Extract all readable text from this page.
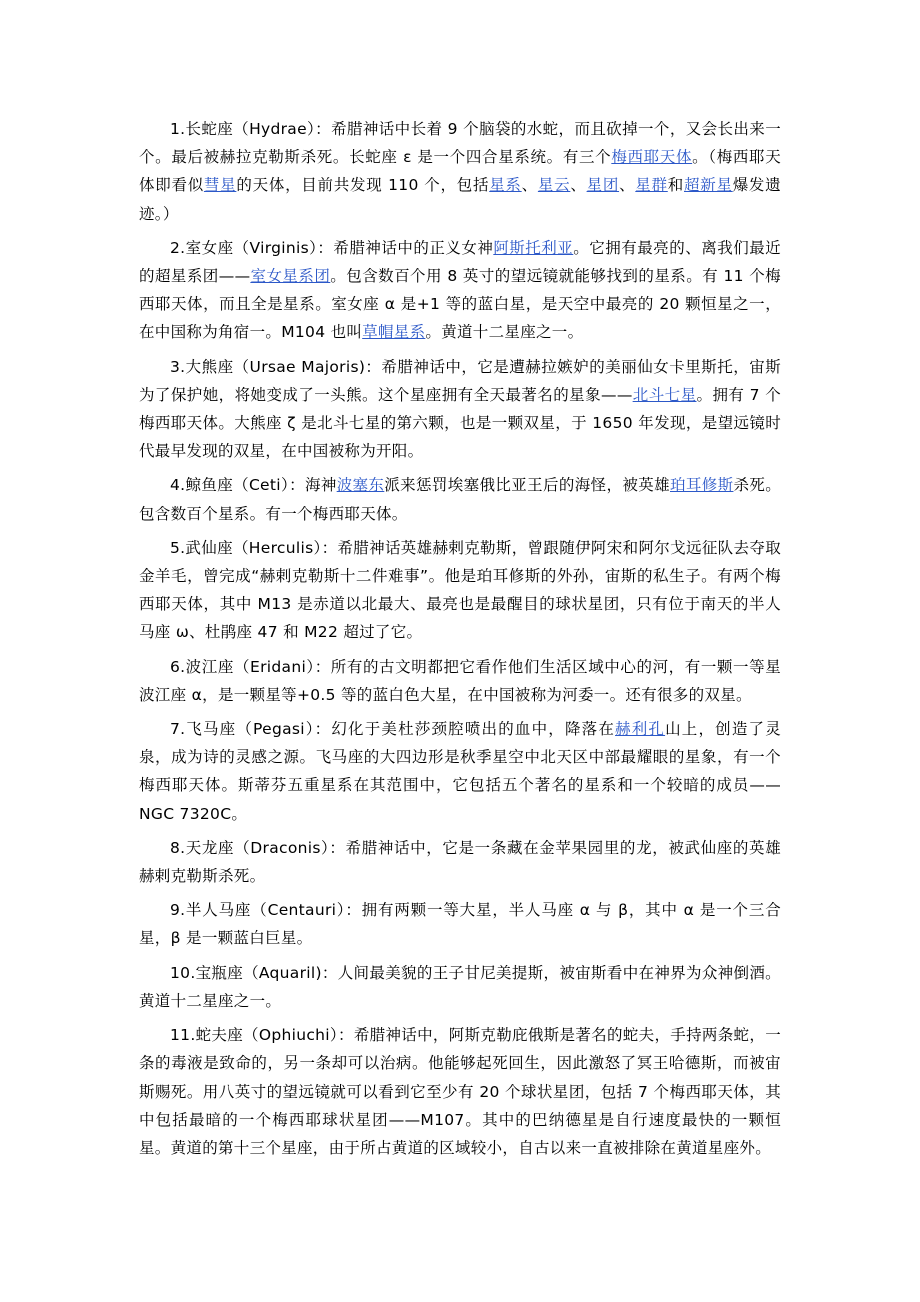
1.长蛇座（Hydrae）：希腊神话中长着 9 个脑袋的水蛇，而且砍掉一个，又会长出来一个。最后被赫拉克勒斯杀死。长蛇座 ε 是一个四合星系统。有三个梅西耶天体。（梅西耶天体即看似彗星的天体，目前共发现 110 个，包括星系、星云、星团、星群和超新星爆发遗迹。）

2.室女座（Virginis）：希腊神话中的正义女神阿斯托利亚。它拥有最亮的、离我们最近的超星系团——室女星系团。包含数百个用 8 英寸的望远镜就能够找到的星系。有 11 个梅西耶天体，而且全是星系。室女座 α 是+1 等的蓝白星，是天空中最亮的 20 颗恒星之一，在中国称为角宿一。M104 也叫草帽星系。黄道十二星座之一。

3.大熊座（Ursae Majoris)：希腊神话中，它是遭赫拉嫉妒的美丽仙女卡里斯托，宙斯为了保护她，将她变成了一头熊。这个星座拥有全天最著名的星象——北斗七星。拥有 7 个梅西耶天体。大熊座 ζ 是北斗七星的第六颗，也是一颗双星，于 1650 年发现，是望远镜时代最早发现的双星，在中国被称为开阳。

4.鲸鱼座（Ceti）：海神波塞东派来惩罚埃塞俄比亚王后的海怪，被英雄珀耳修斯杀死。包含数百个星系。有一个梅西耶天体。

5.武仙座（Herculis）：希腊神话英雄赫剌克勒斯，曾跟随伊阿宋和阿尔戈远征队去夺取金羊毛，曾完成“赫剌克勒斯十二件难事”。他是珀耳修斯的外孙，宙斯的私生子。有两个梅西耶天体，其中 M13 是赤道以北最大、最亮也是最醒目的球状星团，只有位于南天的半人马座 ω、杜鹃座 47 和 M22 超过了它。

6.波江座（Eridani）：所有的古文明都把它看作他们生活区域中心的河，有一颗一等星波江座 α，是一颗星等+0.5 等的蓝白色大星，在中国被称为河委一。还有很多的双星。

7.飞马座（Pegasi）：幻化于美杜莎颈腔喷出的血中，降落在赫利孔山上，创造了灵泉，成为诗的灵感之源。飞马座的大四边形是秋季星空中北天区中部最耀眼的星象，有一个梅西耶天体。斯蒂芬五重星系在其范围中，它包括五个著名的星系和一个较暗的成员——NGC 7320C。

8.天龙座（Draconis）：希腊神话中，它是一条藏在金苹果园里的龙，被武仙座的英雄赫剌克勒斯杀死。

9.半人马座（Centauri）：拥有两颗一等大星，半人马座 α 与 β，其中 α 是一个三合星，β 是一颗蓝白巨星。

10.宝瓶座（Aquaril)：人间最美貌的王子甘尼美提斯，被宙斯看中在神界为众神倒酒。黄道十二星座之一。

11.蛇夫座（Ophiuchi）：希腊神话中，阿斯克勒庇俄斯是著名的蛇夫，手持两条蛇，一条的毒液是致命的，另一条却可以治病。他能够起死回生，因此激怒了冥王哈德斯，而被宙斯赐死。用八英寸的望远镜就可以看到它至少有 20 个球状星团，包括 7 个梅西耶天体，其中包括最暗的一个梅西耶球状星团——M107。其中的巴纳德星是自行速度最快的一颗恒星。黄道的第十三个星座，由于所占黄道的区域较小，自古以来一直被排除在黄道星座外。
